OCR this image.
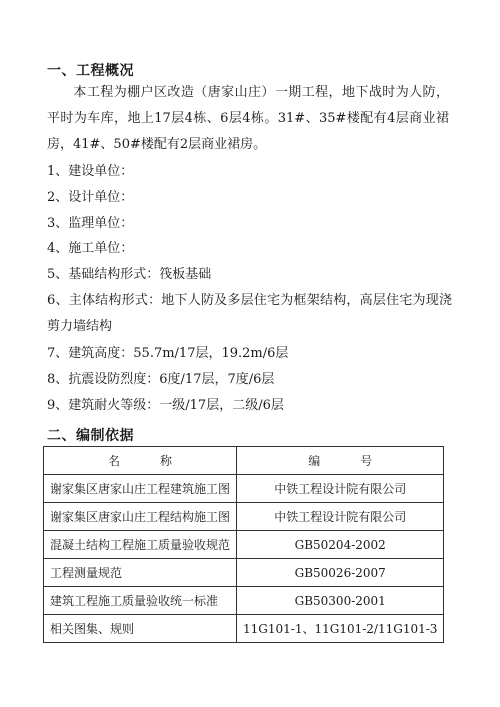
一、工程概况
本工程为棚户区改造（唐家山庄）一期工程，地下战时为人防，平时为车库，地上17层4栋、6层4栋。31#、35#楼配有4层商业裙房，41#、50#楼配有2层商业裙房。
1、建设单位：
2、设计单位：
3、监理单位：
4、施工单位：
5、基础结构形式：筏板基础
6、主体结构形式：地下人防及多层住宅为框架结构，高层住宅为现浇剪力墙结构
7、建筑高度：55.7m/17层，19.2m/6层
8、抗震设防烈度：6度/17层，7度/6层
9、建筑耐火等级：一级/17层，二级/6层
二、编制依据
名称	编号
谢家集区唐家山庄工程建筑施工图	中铁工程设计院有限公司
谢家集区唐家山庄工程结构施工图	中铁工程设计院有限公司
混凝土结构工程施工质量验收规范	GB50204-2002
工程测量规范	GB50026-2007
建筑工程施工质量验收统一标准	GB50300-2001
相关图集、规则	11G101-1、11G101-2/11G101-3
